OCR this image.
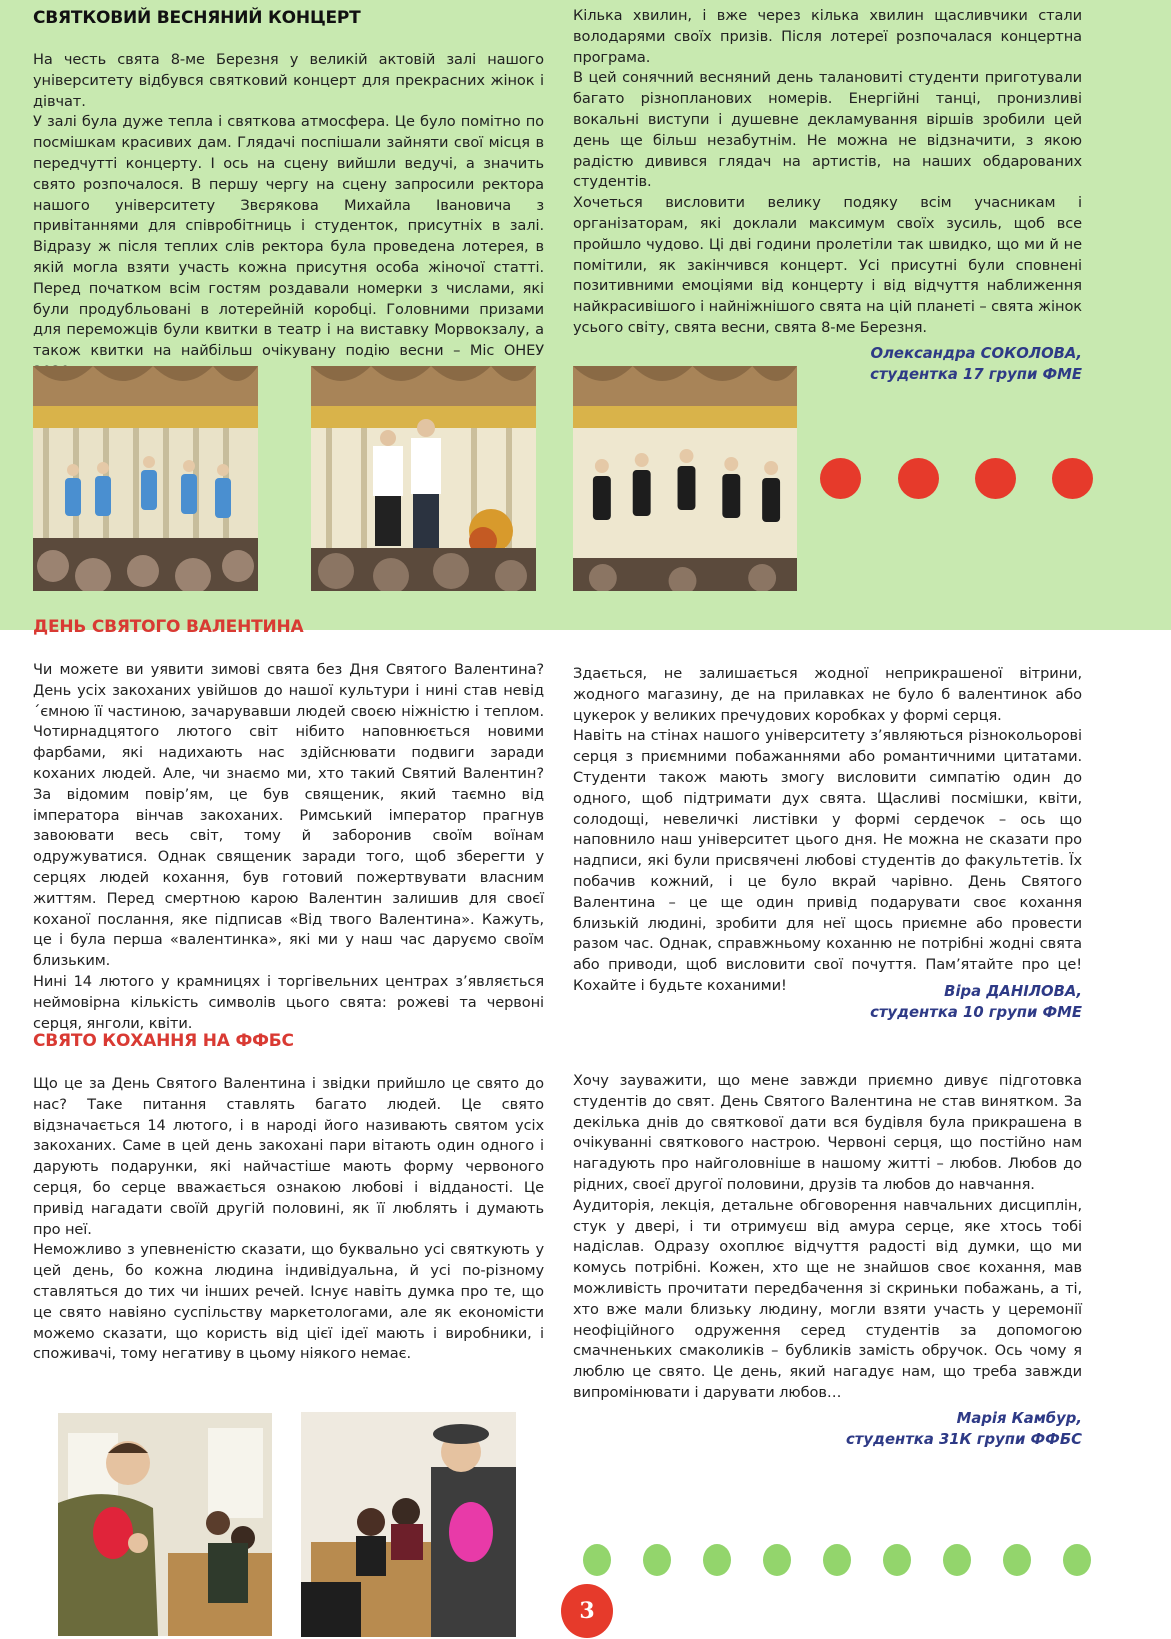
СВЯТКОВИЙ ВЕСНЯНИЙ КОНЦЕРТ

На честь свята 8-ме Березня у великій актовій залі нашого університету відбувся святковий концерт для прекрасних жінок і дівчат.

У залі була дуже тепла і святкова атмосфера. Це було помітно по посмішкам красивих дам. Глядачі поспішали зайняти свої місця в передчутті концерту. І ось на сцену вийшли ведучі, а значить свято розпочалося. В першу чергу на сцену запросили ректора нашого університету Звєрякова Михайла Івановича з привітаннями для співробітниць і студенток, присутніх в залі. Відразу ж після теплих слів ректора була проведена лотерея, в якій могла взяти участь кожна присутня особа жіночої статті. Перед початком всім гостям роздавали номерки з числами, які були продубльовані в лотерейній коробці. Головними призами для переможців були квитки в театр і на виставку Морвокзалу, а також квитки на найбільш очікувану подію весни – Міс ОНЕУ

Кілька хвилин, і вже через кілька хвилин щасливчики стали володарями своїх призів. Після лотереї розпочалася концертна програма.

В цей сонячний весняний день талановиті студенти приготували багато різнопланових номерів. Енергійні танці, пронизливі вокальні виступи і душевне декламування віршів зробили цей день ще більш незабутнім. Не можна не відзначити, з якою радістю дивився глядач на артистів, на наших обдарованих студентів.

Хочеться висловити велику подяку всім учасникам і організаторам, які доклали максимум своїх зусиль, щоб все пройшло чудово. Ці дві години пролетіли так швидко, що ми й не помітили, як закінчився концерт. Усі присутні були сповнені позитивними емоціями від концерту і від відчуття наближення найкрасивішого і найніжнішого свята на цій планеті – свята жінок усього світу, свята весни, свята 8-ме Березня.

Олександра СОКОЛОВА,
студентка 17 групи ФМЕ
ДЕНЬ СВЯТОГО ВАЛЕНТИНА

Чи можете ви уявити зимові свята без Дня Святого Валентина? День усіх закоханих увійшов до нашої культури і нині став невід´ємною її частиною, зачарувавши людей своєю ніжністю і теплом. Чотирнадцятого лютого світ нібито наповнюється новими фарбами, які надихають нас здійснювати подвиги заради коханих людей. Але, чи знаємо ми, хто такий Святий Валентин? За відомим повір’ям, це був священик, який таємно від імператора вінчав закоханих. Римський імператор прагнув завоювати весь світ, тому й заборонив своїм воїнам одружуватися. Однак священик заради того, щоб зберегти у серцях людей кохання, був готовий пожертвувати власним життям. Перед смертною карою Валентин залишив для своєї коханої послання, яке підписав «Від твого Валентина». Кажуть, це і була перша «валентинка», які ми у наш час даруємо своїм близьким.

Нині 14 лютого у крамницях і торгівельних центрах з’являється неймовірна кількість символів цього свята: рожеві та червоні серця, янголи, квіти.

Здається, не залишається жодної неприкрашеної вітрини, жодного магазину, де на прилавках не було б валентинок або цукерок у великих пречудових коробках у формі серця.

Навіть на стінах нашого університету з’являються різнокольорові серця з приємними побажаннями або романтичними цитатами. Студенти також мають змогу висловити симпатію один до одного, щоб підтримати дух свята. Щасливі посмішки, квіти, солодощі, невеличкі листівки у формі сердечок – ось що наповнило наш університет цього дня. Не можна не сказати про надписи, які були присвячені любові студентів до факультетів. Їх побачив кожний, і це було вкрай чарівно. День Святого Валентина – це ще один привід подарувати своє кохання близькій людині, зробити для неї щось приємне або провести разом час. Однак, справжньому коханню не потрібні жодні свята або приводи, щоб висловити свої почуття. Пам’ятайте про це! Кохайте і будьте коханими!	Віра ДАНІЛОВА,
студентка 10 групи ФМЕ
СВЯТО КОХАННЯ НА ФФБС

Що це за День Святого Валентина і звідки прийшло це свято до нас? Таке питання ставлять багато людей. Це свято відзначається 14 лютого, і в народі його називають святом усіх закоханих. Саме в цей день закохані пари вітають один одного і дарують подарунки, які найчастіше мають форму червоного серця, бо серце вважається ознакою любові і відданості. Це привід нагадати своїй другій половині, як її люблять і думають про неї.

Неможливо з упевненістю сказати, що буквально усі святкують у цей день, бо кожна людина індивідуальна, й усі по-різному ставляться до тих чи інших речей. Існує навіть думка про те, що це свято навіяно суспільству маркетологами, але як економісти можемо сказати, що користь від цієї ідеї мають і виробники, і споживачі, тому негативу в цьому ніякого немає.

Хочу зауважити, що мене завжди приємно дивує підготовка студентів до свят. День Святого Валентина не став винятком. За декілька днів до святкової дати вся будівля була прикрашена в очікуванні святкового настрою. Червоні серця, що постійно нам нагадують про найголовніше в нашому житті – любов. Любов до рідних, своєї другої половини, друзів та любов до навчання.

Аудиторія, лекція, детальне обговорення навчальних дисциплін, стук у двері, і ти отримуєш від амура серце, яке хтось тобі надіслав. Одразу охоплює відчуття радості від думки, що ми комусь потрібні. Кожен, хто ще не знайшов своє кохання, мав можливість прочитати передбачення зі скриньки побажань, а ті, хто вже мали близьку людину, могли взяти участь у церемонії неофіційного одруження серед студентів за допомогою смачненьких смаколиків – бубликів замість обручок. Ось чому я люблю це свято. Це день, який нагадує нам, що треба завжди випромінювати і дарувати любов…

Марія Камбур,
студентка 31К групи ФФБС
3
